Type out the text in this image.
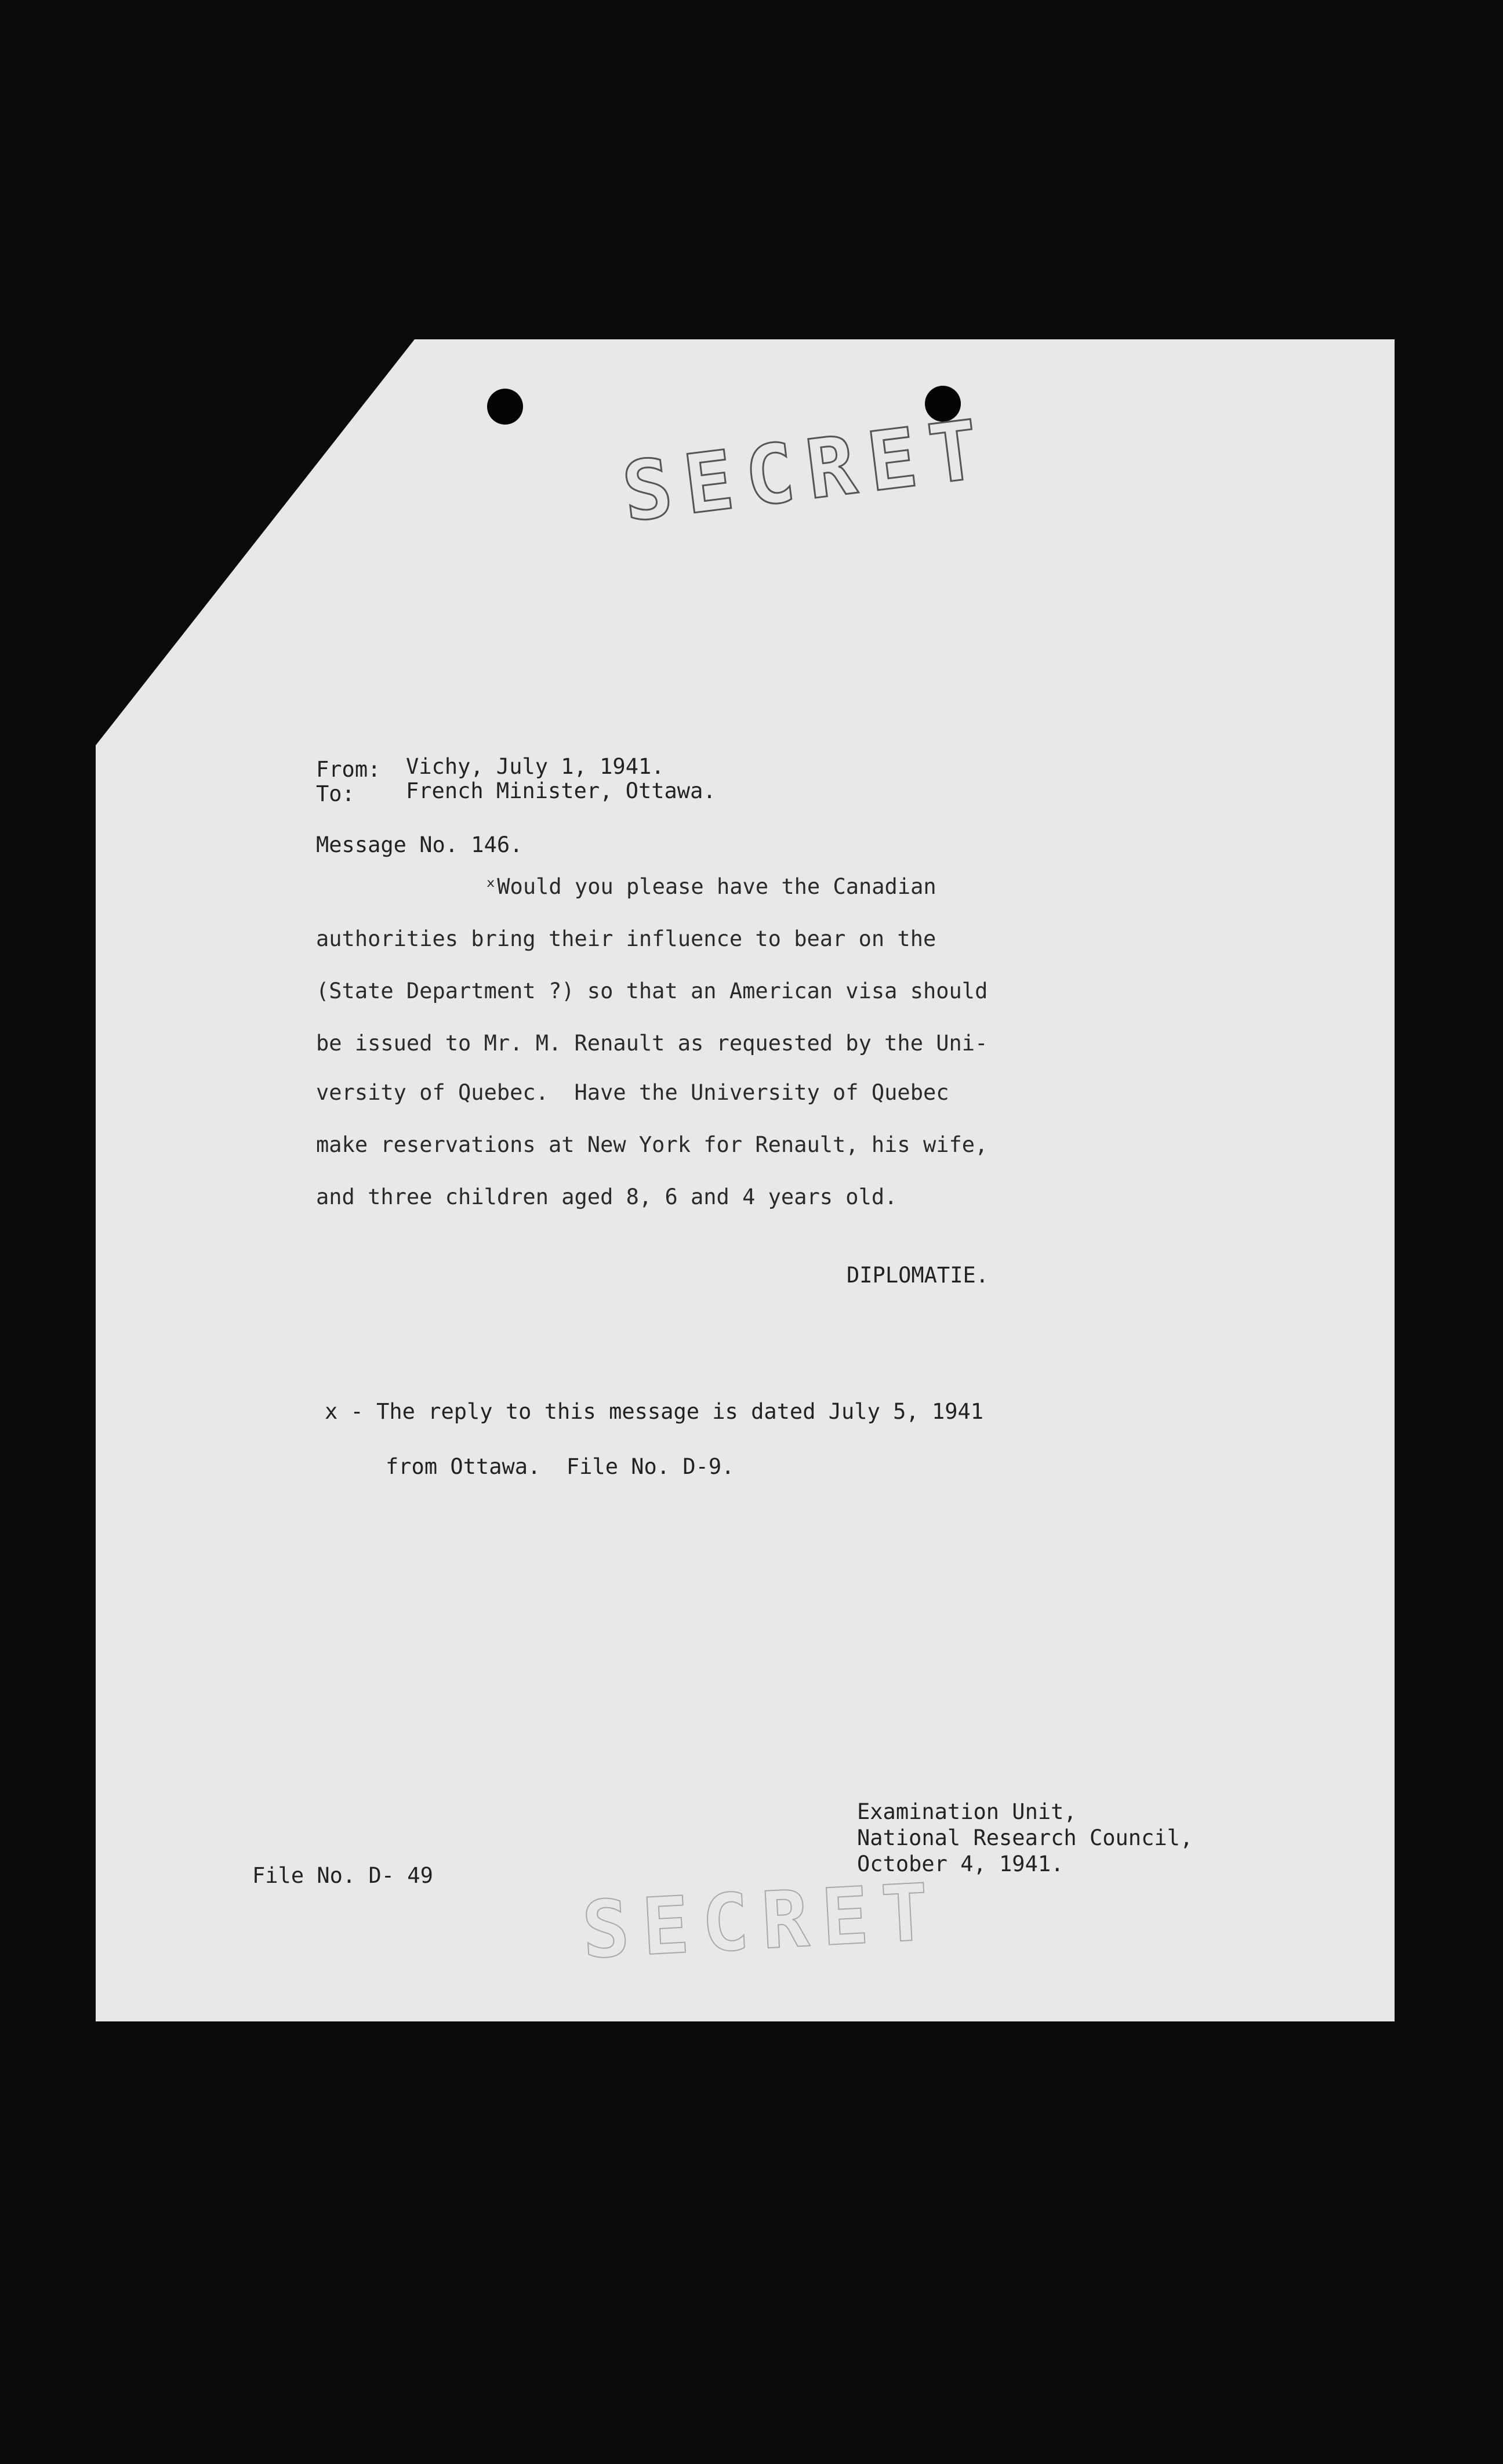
SECRET
From: Vichy, July 1, 1941.
To: French Minister, Ottawa.
Message No. 146.
ˣWould you please have the Canadian
authorities bring their influence to bear on the
(State Department ?) so that an American visa should
be issued to Mr. M. Renault as requested by the Uni-
versity of Quebec.  Have the University of Quebec
make reservations at New York for Renault, his wife,
and three children aged 8, 6 and 4 years old.
DIPLOMATIE.
x - The reply to this message is dated July 5, 1941
from Ottawa.  File No. D-9.
Examination Unit,
National Research Council,
October 4, 1941.
File No. D- 49 SECRET
